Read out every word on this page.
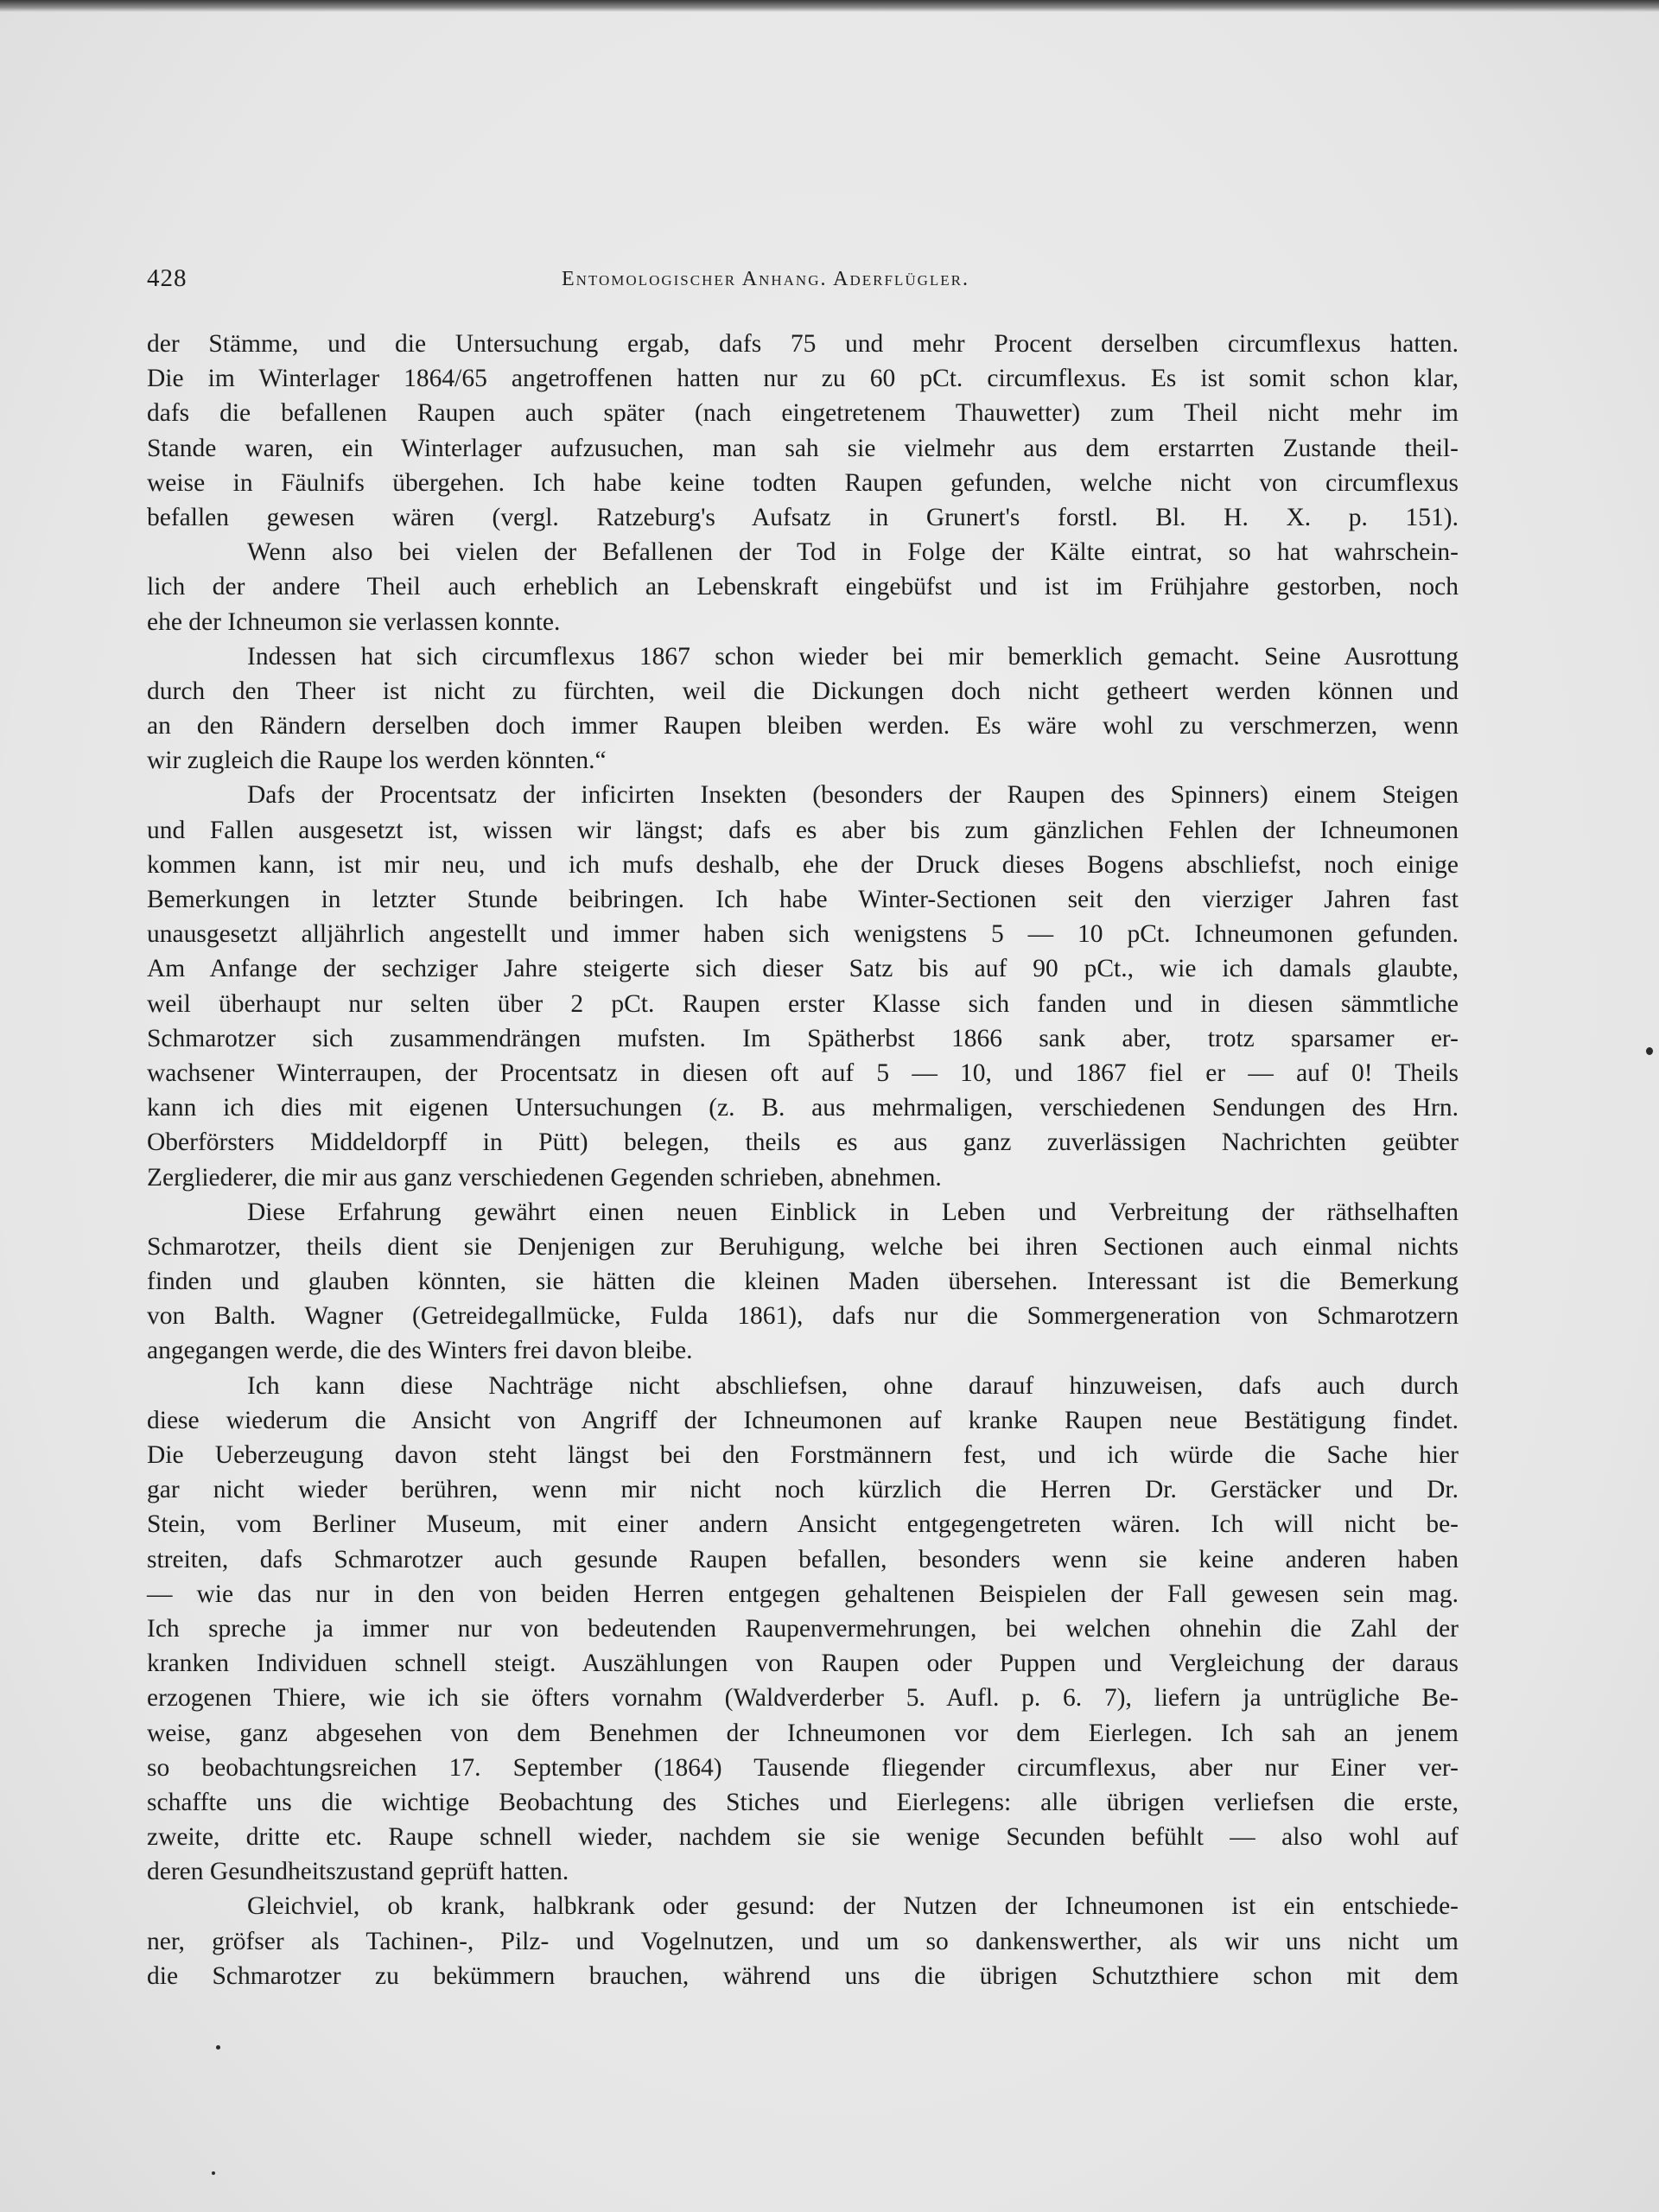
428	Entomologischer Anhang. Aderflügler.
der Stämme, und die Untersuchung ergab, dafs 75 und mehr Procent derselben circumflexus hatten.
Die im Winterlager 1864/65 angetroffenen hatten nur zu 60 pCt. circumflexus. Es ist somit schon klar,
dafs die befallenen Raupen auch später (nach eingetretenem Thauwetter) zum Theil nicht mehr im
Stande waren, ein Winterlager aufzusuchen, man sah sie vielmehr aus dem erstarrten Zustande theil-
weise in Fäulnifs übergehen. Ich habe keine todten Raupen gefunden, welche nicht von circumflexus
befallen gewesen wären (vergl. Ratzeburg's Aufsatz in Grunert's forstl. Bl. H. X. p. 151).
Wenn also bei vielen der Befallenen der Tod in Folge der Kälte eintrat, so hat wahrschein-
lich der andere Theil auch erheblich an Lebenskraft eingebüfst und ist im Frühjahre gestorben, noch
ehe der Ichneumon sie verlassen konnte.
Indessen hat sich circumflexus 1867 schon wieder bei mir bemerklich gemacht. Seine Ausrottung
durch den Theer ist nicht zu fürchten, weil die Dickungen doch nicht getheert werden können und
an den Rändern derselben doch immer Raupen bleiben werden. Es wäre wohl zu verschmerzen, wenn
wir zugleich die Raupe los werden könnten.“
Dafs der Procentsatz der inficirten Insekten (besonders der Raupen des Spinners) einem Steigen
und Fallen ausgesetzt ist, wissen wir längst; dafs es aber bis zum gänzlichen Fehlen der Ichneumonen
kommen kann, ist mir neu, und ich mufs deshalb, ehe der Druck dieses Bogens abschliefst, noch einige
Bemerkungen in letzter Stunde beibringen. Ich habe Winter-Sectionen seit den vierziger Jahren fast
unausgesetzt alljährlich angestellt und immer haben sich wenigstens 5 — 10 pCt. Ichneumonen gefunden.
Am Anfange der sechziger Jahre steigerte sich dieser Satz bis auf 90 pCt., wie ich damals glaubte,
weil überhaupt nur selten über 2 pCt. Raupen erster Klasse sich fanden und in diesen sämmtliche
Schmarotzer sich zusammendrängen mufsten. Im Spätherbst 1866 sank aber, trotz sparsamer er-
wachsener Winterraupen, der Procentsatz in diesen oft auf 5 — 10, und 1867 fiel er — auf 0! Theils
kann ich dies mit eigenen Untersuchungen (z. B. aus mehrmaligen, verschiedenen Sendungen des Hrn.
Oberförsters Middeldorpff in Pütt) belegen, theils es aus ganz zuverlässigen Nachrichten geübter
Zergliederer, die mir aus ganz verschiedenen Gegenden schrieben, abnehmen.
Diese Erfahrung gewährt einen neuen Einblick in Leben und Verbreitung der räthselhaften
Schmarotzer, theils dient sie Denjenigen zur Beruhigung, welche bei ihren Sectionen auch einmal nichts
finden und glauben könnten, sie hätten die kleinen Maden übersehen. Interessant ist die Bemerkung
von Balth. Wagner (Getreidegallmücke, Fulda 1861), dafs nur die Sommergeneration von Schmarotzern
angegangen werde, die des Winters frei davon bleibe.
Ich kann diese Nachträge nicht abschliefsen, ohne darauf hinzuweisen, dafs auch durch
diese wiederum die Ansicht von Angriff der Ichneumonen auf kranke Raupen neue Bestätigung findet.
Die Ueberzeugung davon steht längst bei den Forstmännern fest, und ich würde die Sache hier
gar nicht wieder berühren, wenn mir nicht noch kürzlich die Herren Dr. Gerstäcker und Dr.
Stein, vom Berliner Museum, mit einer andern Ansicht entgegengetreten wären. Ich will nicht be-
streiten, dafs Schmarotzer auch gesunde Raupen befallen, besonders wenn sie keine anderen haben
— wie das nur in den von beiden Herren entgegen gehaltenen Beispielen der Fall gewesen sein mag.
Ich spreche ja immer nur von bedeutenden Raupenvermehrungen, bei welchen ohnehin die Zahl der
kranken Individuen schnell steigt. Auszählungen von Raupen oder Puppen und Vergleichung der daraus
erzogenen Thiere, wie ich sie öfters vornahm (Waldverderber 5. Aufl. p. 6. 7), liefern ja untrügliche Be-
weise, ganz abgesehen von dem Benehmen der Ichneumonen vor dem Eierlegen. Ich sah an jenem
so beobachtungsreichen 17. September (1864) Tausende fliegender circumflexus, aber nur Einer ver-
schaffte uns die wichtige Beobachtung des Stiches und Eierlegens: alle übrigen verliefsen die erste,
zweite, dritte etc. Raupe schnell wieder, nachdem sie sie wenige Secunden befühlt — also wohl auf
deren Gesundheitszustand geprüft hatten.
Gleichviel, ob krank, halbkrank oder gesund: der Nutzen der Ichneumonen ist ein entschiede-
ner, gröfser als Tachinen-, Pilz- und Vogelnutzen, und um so dankenswerther, als wir uns nicht um
die Schmarotzer zu bekümmern brauchen, während uns die übrigen Schutzthiere schon mit dem
